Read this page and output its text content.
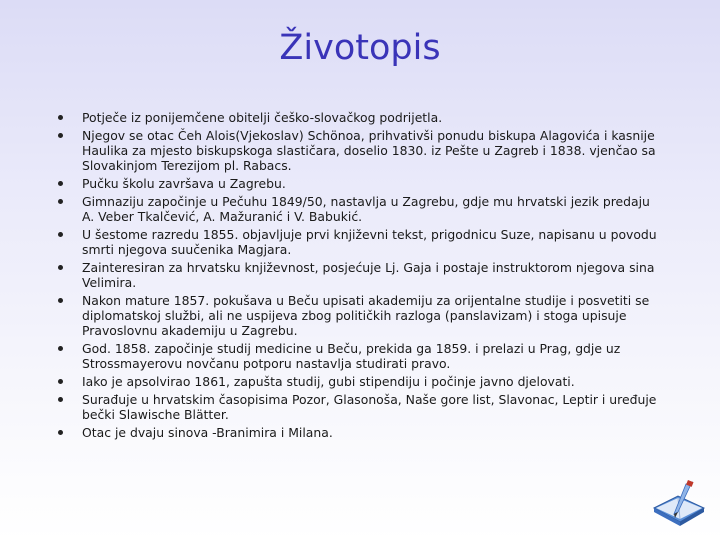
Životopis
Potječe iz ponijemčene obitelji češko-slovačkog podrijetla.
Njegov se otac Čeh Alois(Vjekoslav) Schönoa, prihvativši ponudu biskupa Alagovića i kasnije Haulika za mjesto biskupskoga slastičara, doselio 1830. iz Pešte u Zagreb i 1838. vjenčao sa Slovakinjom Terezijom pl. Rabacs.
Pučku školu završava u Zagrebu.
Gimnaziju započinje u Pečuhu 1849/50, nastavlja u Zagrebu, gdje mu hrvatski jezik predaju A. Veber Tkalčević, A. Mažuranić i V. Babukić.
U šestome razredu 1855. objavljuje prvi književni tekst, prigodnicu Suze, napisanu u povodu smrti njegova suučenika Magjara.
Zainteresiran za hrvatsku književnost, posjećuje Lj. Gaja i postaje instruktorom njegova sina Velimira.
Nakon mature 1857. pokušava u Beču upisati akademiju za orijentalne studije i posvetiti se diplomatskoj službi, ali ne uspijeva zbog političkih razloga (panslavizam) i stoga upisuje Pravoslovnu akademiju u Zagrebu.
God. 1858. započinje studij medicine u Beču, prekida ga 1859. i prelazi u Prag, gdje uz Strossmayerovu novčanu potporu nastavlja studirati pravo.
Iako je apsolvirao 1861, zapušta studij, gubi stipendiju i počinje javno djelovati.
Surađuje u hrvatskim časopisima Pozor, Glasonoša, Naše gore list, Slavonac, Leptir i uređuje bečki Slawische Blätter.
Otac je dvaju sinova -Branimira i Milana.
